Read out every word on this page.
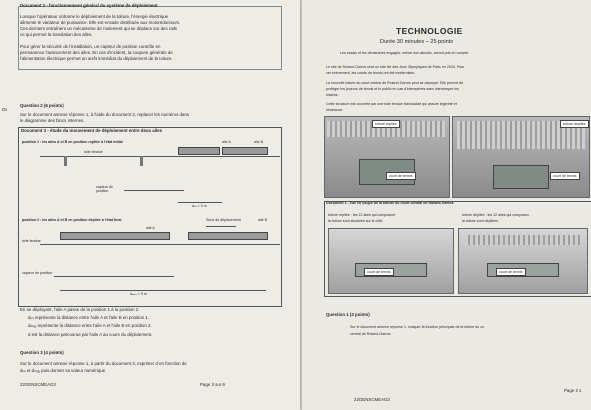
Document 2 - fonctionnement général du système de déploiement
Lorsque l'opérateur ordonne le déploiement de la toiture, l'énergie électrique
alimente le variateur de puissance. Elle est ensuite distribuée aux motoréducteurs.
Ces derniers entraînent un mécanisme de roulement qui se déplace sur des rails
ce qui permet la translation des ailes.
Pour gérer la sécurité de l'installation, un capteur de position contrôle en
permanence l'avancement des ailes. En cas d'incident, la coupure générale de
l'alimentation électrique permet un arrêt immédiat du déploiement de la toiture.
Dv
Question 2 (6 points)
Sur le document annexe réponse 1, à l'aide du document 2, replacer les numéros dans
le diagramme des blocs internes.
Document 3 - étude du mouvement de déploiement entre deux ailes
position 1 : les ailes A et B en position repliée à l'état initial	aile A	aile B
toile tendue
capteur de position
dᵢₙᵢ = 3 m
position 2 : les ailes A et B en position dépliée à l'état final	Sens du déplacement	aile B
aile A
toile tendue
capteur de position
dₘₐₓ = 9 m
En se déployant, l'aile A passe de la position 1 à la position 2.
dᵢₙᵢ représente la distance entre l'aile A et l'aile B en position 1.
dₘₐₓ représente la distance entre l'aile A et l'aile B en position 2.
d est la distance parcourue par l'aile A au cours du déploiement.
Question 3 (4 points)
Sur le document annexe réponse 1, à partir du document 3, exprimer d en fonction de
dᵢₙᵢ et dₘₐₓ puis donner sa valeur numérique.
22GENSCMEAG3	Page 3 sur 6
TECHNOLOGIE
Durée 30 minutes – 25 points
Les essais et les démarches engagés, même non aboutis, seront pris en compte.
Le site de Roland-Garros sera un site clé des Jeux Olympiques de Paris en 2024. Pour
cet événement, les courts de tennis ont été modernisés.
La nouvelle toiture du court central de Roland-Garros peut se déployer. Elle permet de
protéger les joueurs de tennis et le public en cas d'intempéries sans interrompre les
matchs.
Cette structure est couverte par une toile tendue translucide qui assure légèreté et
résistance.
toiture repliée
court de tennis
toiture dépliée
court de tennis
Document 1 - vue en coupe de la toiture du court central de Roland-Garros
toiture repliée : les 12 ailes qui composent
la toiture sont stockées sur le côté.
toiture dépliée : les 12 ailes qui composen
la toiture sont dépliées.
court de tennis	court de tennis
Question 1 (3 points)
Sur le document annexe réponse 1, indiquer la fonction principale de la toiture du co
central de Roland-Garros.
22GENSCMEAG3
Page 2 s
